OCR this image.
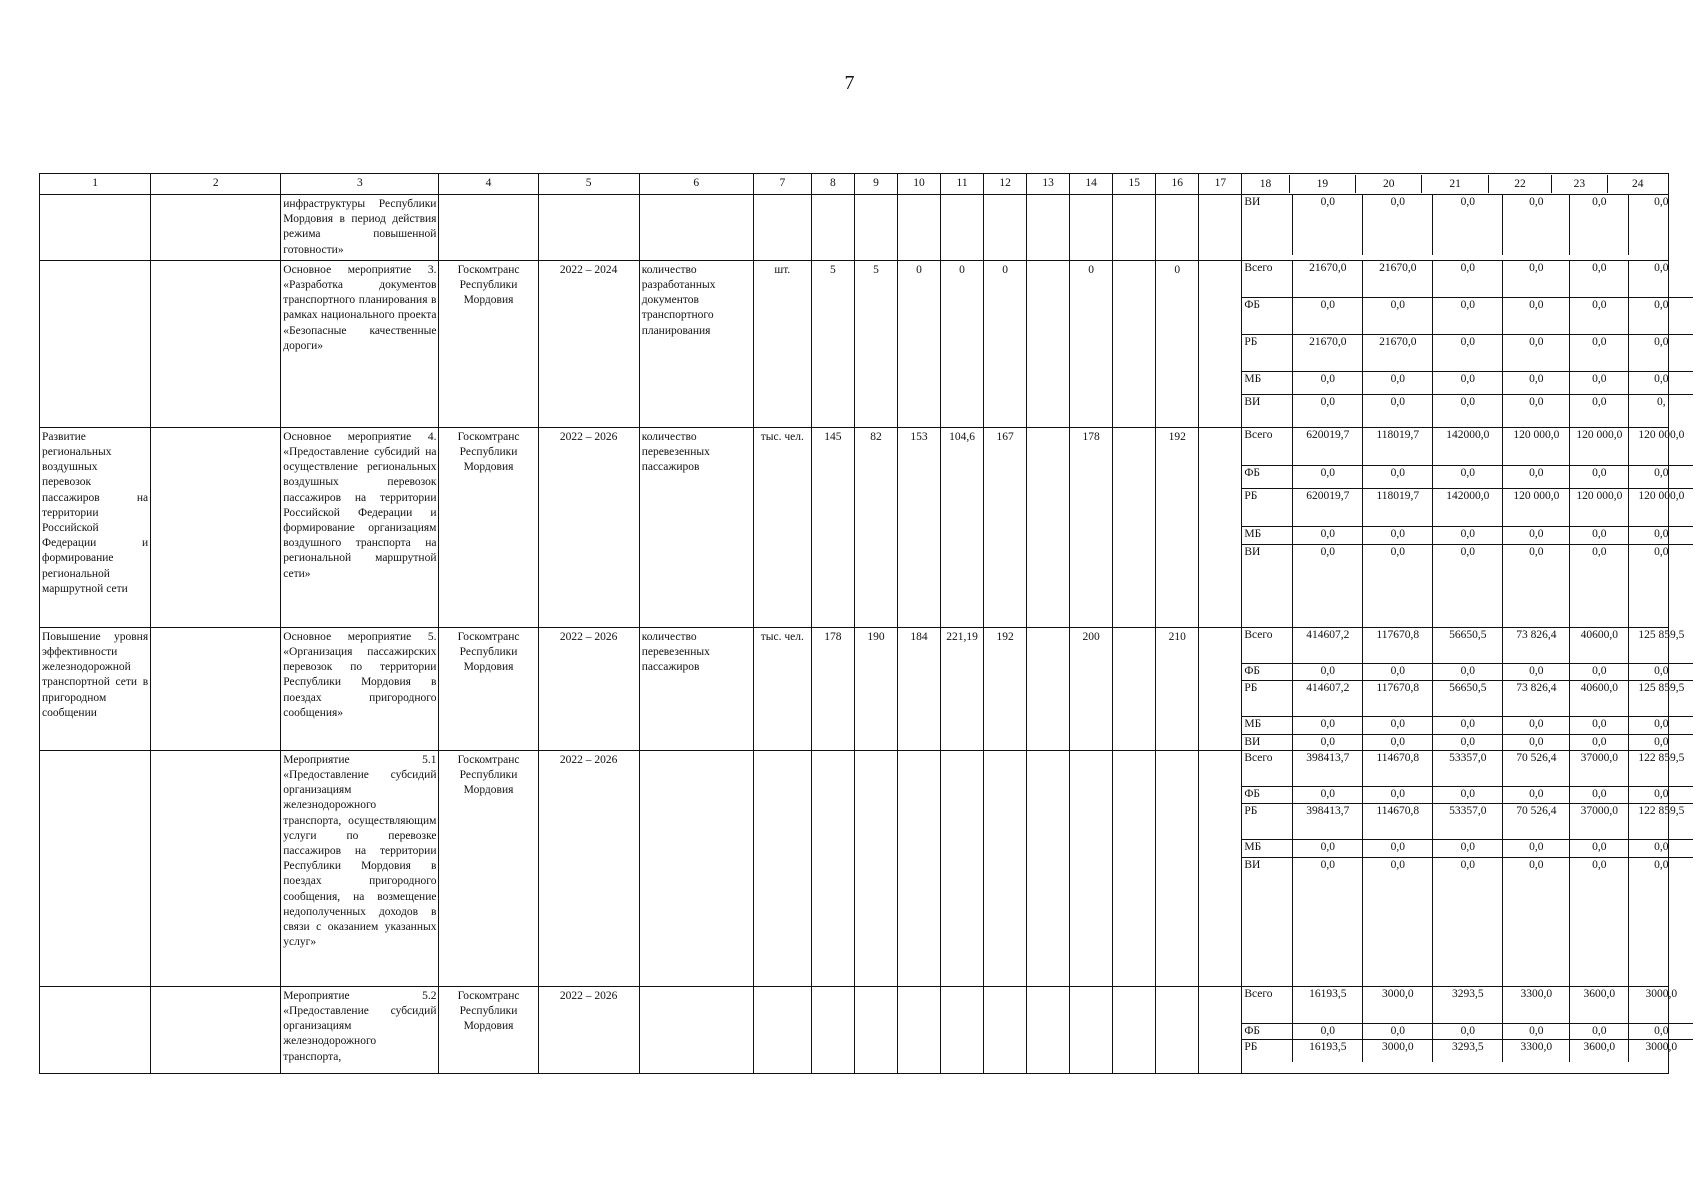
7
1	2	3	4	5	6	7	8	9	10	11	12	13	14	15	16	17		18	19	20	21	22	23	24

		инфраструктуры Республики Мордовия в период действия режима повышенной готовности»															
ВИ	0,0	0,0	0,0	0,0	0,0	0,0

		Основное мероприятие 3. «Разработка документов транспортного планирования в рамках национального проекта «Безопасные качественные дороги»	Госкомтранс Республики Мордовия	2022 – 2024	количество разработанных документов транспортного планирования	шт.	5	5	0	0	0		0		0			Всего	21670,0	21670,0	0,0	0,0	0,0	0,0
ФБ	0,0	0,0	0,0	0,0	0,0	0,0
РБ	21670,0	21670,0	0,0	0,0	0,0	0,0
МБ	0,0	0,0	0,0	0,0	0,0	0,0
ВИ	0,0	0,0	0,0	0,0	0,0	0,

Развитие региональных воздушных перевозок пассажиров на территории Российской Федерации и формирование региональной маршрутной сети		Основное мероприятие 4. «Предоставление субсидий на осуществление региональных воздушных перевозок пассажиров на территории Российской Федерации и формирование организациям воздушного транспорта на региональной маршрутной сети»	Госкомтранс Республики Мордовия	2022 – 2026	количество перевезенных пассажиров	тыс. чел.	145	82	153	104,6	167		178		192			Всего	620019,7	118019,7	142000,0	120 000,0	120 000,0	120 000,0
ФБ	0,0	0,0	0,0	0,0	0,0	0,0
РБ	620019,7	118019,7	142000,0	120 000,0	120 000,0	120 000,0
МБ	0,0	0,0	0,0	0,0	0,0	0,0
ВИ	0,0	0,0	0,0	0,0	0,0	0,0

Повышение уровня эффективности железнодорожной транспортной сети в пригородном сообщении		Основное мероприятие 5. «Организация пассажирских перевозок по территории Республики Мордовия в поездах пригородного сообщения»	Госкомтранс Республики Мордовия	2022 – 2026	количество перевезенных пассажиров	тыс. чел.	178	190	184	221,19	192		200		210			Всего	414607,2	117670,8	56650,5	73 826,4	40600,0	125 859,5
ФБ	0,0	0,0	0,0	0,0	0,0	0,0
РБ	414607,2	117670,8	56650,5	73 826,4	40600,0	125 859,5
МБ	0,0	0,0	0,0	0,0	0,0	0,0
ВИ	0,0	0,0	0,0	0,0	0,0	0,0

		Мероприятие 5.1 «Предоставление субсидий организациям железнодорожного транспорта, осуществляющим услуги по перевозке пассажиров на территории Республики Мордовия в поездах пригородного сообщения, на возмещение недополученных доходов в связи с оказанием указанных услуг»	Госкомтранс Республики Мордовия	2022 – 2026														Всего	398413,7	114670,8	53357,0	70 526,4	37000,0	122 859,5
ФБ	0,0	0,0	0,0	0,0	0,0	0,0
РБ	398413,7	114670,8	53357,0	70 526,4	37000,0	122 859,5
МБ	0,0	0,0	0,0	0,0	0,0	0,0
ВИ	0,0	0,0	0,0	0,0	0,0	0,0

		Мероприятие 5.2 «Предоставление субсидий организациям железнодорожного транспорта,	Госкомтранс Республики Мордовия	2022 – 2026														Всего	16193,5	3000,0	3293,5	3300,0	3600,0	3000,0
ФБ	0,0	0,0	0,0	0,0	0,0	0,0
РБ	16193,5	3000,0	3293,5	3300,0	3600,0	3000,0
